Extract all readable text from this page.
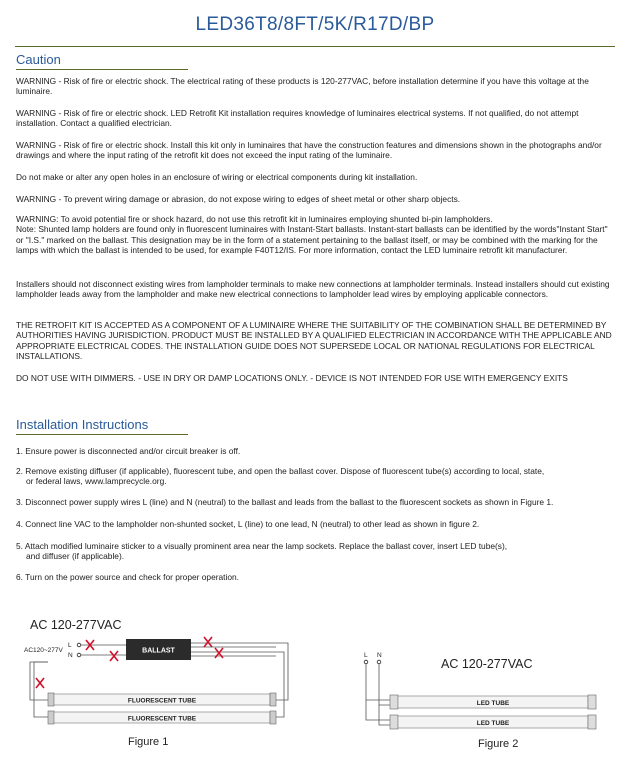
LED36T8/8FT/5K/R17D/BP
Caution
WARNING - Risk of fire or electric shock. The electrical rating of these products is 120-277VAC, before installation determine if you have this voltage at the luminaire.
WARNING - Risk of fire or electric shock. LED Retrofit Kit installation requires knowledge of luminaires electrical systems. If not qualified, do not attempt installation. Contact a qualified electrician.
WARNING - Risk of fire or electric shock. Install this kit only in luminaires that have the construction features and dimensions shown in the photographs and/or drawings and where the input rating of the retrofit kit does not exceed the input rating of the luminaire.
Do not make or alter any open holes in an enclosure of wiring or electrical components during kit installation.
WARNING - To prevent wiring damage or abrasion, do not expose wiring to edges of sheet metal or other sharp objects.
WARNING: To avoid potential fire or shock hazard, do not use this retrofit kit in luminaires employing shunted bi-pin lampholders.
Note: Shunted lamp holders are found only in fluorescent luminaires with Instant-Start ballasts. Instant-start ballasts can be identified by the words"Instant Start" or "I.S." marked on the ballast. This designation may be in the form of a statement pertaining to the ballast itself, or may be combined with the marking for the lamps with which the ballast is intended to be used, for example F40T12/IS. For more information, contact the LED luminaire retrofit kit manufacturer.
Installers should not disconnect existing wires from lampholder terminals to make new connections at lampholder terminals. Instead installers should cut existing lampholder leads away from the lampholder and make new electrical connections to lampholder lead wires by employing applicable connectors.
THE RETROFIT KIT IS ACCEPTED AS A COMPONENT OF A LUMINAIRE WHERE THE SUITABILITY OF THE COMBINATION SHALL BE DETERMINED BY AUTHORITIES HAVING JURISDICTION. PRODUCT MUST BE INSTALLED BY A QUALIFIED ELECTRICIAN IN ACCORDANCE WITH THE APPLICABLE AND APPROPRIATE ELECTRICAL CODES. THE INSTALLATION GUIDE DOES NOT SUPERSEDE LOCAL OR NATIONAL REGULATIONS FOR ELECTRICAL INSTALLATIONS.
DO NOT USE WITH DIMMERS. - USE IN DRY OR DAMP LOCATIONS ONLY. - DEVICE IS NOT INTENDED FOR USE WITH EMERGENCY EXITS
Installation Instructions
1. Ensure power is disconnected and/or circuit breaker is off.
2. Remove existing diffuser (if applicable), fluorescent tube, and open the ballast cover. Dispose of fluorescent tube(s) according to local, state,
or federal laws, www.lamprecycle.org.
3. Disconnect power supply wires L (line) and N (neutral) to the ballast and leads from the ballast to the fluorescent sockets as shown in Figure 1.
4. Connect line VAC to the lampholder non-shunted socket, L (line) to one lead, N (neutral) to other lead as shown in figure 2.
5. Attach modified luminaire sticker to a visually prominent area near the lamp sockets. Replace the ballast cover, insert LED tube(s),
and diffuser (if applicable).
6. Turn on the power source and check for proper operation.
AC 120-277VAC
AC120~277V
L
N
BALLAST
FLUORESCENT TUBE
FLUORESCENT TUBE
Figure 1
AC 120-277VAC
L N
LED TUBE
LED TUBE
Figure 2
